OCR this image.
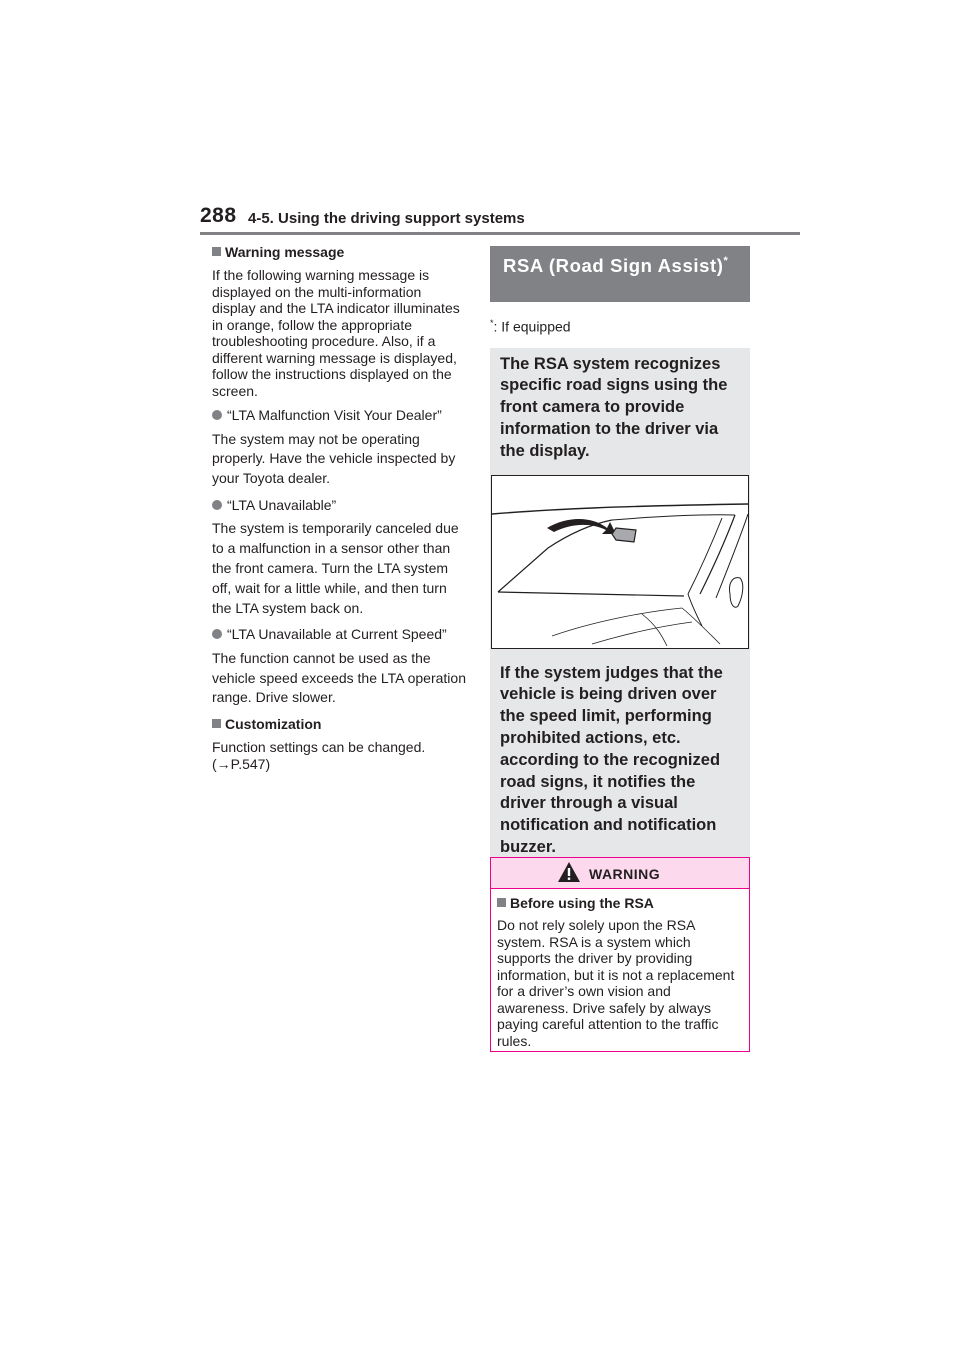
288 4-5. Using the driving support systems

Warning message

If the following warning message is displayed on the multi-information display and the LTA indicator illuminates in orange, follow the appropriate troubleshooting procedure. Also, if a different warning message is displayed, follow the instructions displayed on the screen.

“LTA Malfunction Visit Your Dealer”

The system may not be operating properly. Have the vehicle inspected by your Toyota dealer.

“LTA Unavailable”

The system is temporarily canceled due to a malfunction in a sensor other than the front camera. Turn the LTA system off, wait for a little while, and then turn the LTA system back on.

“LTA Unavailable at Current Speed”

The function cannot be used as the vehicle speed exceeds the LTA operation range. Drive slower.

Customization

Function settings can be changed.
(→P.547)

RSA (Road Sign Assist)*
*: If equipped

The RSA system recognizes specific road signs using the front camera to provide information to the driver via the display.

If the system judges that the vehicle is being driven over the speed limit, performing prohibited actions, etc. according to the recognized road signs, it notifies the driver through a visual notification and notification buzzer.

WARNING

Before using the RSA

Do not rely solely upon the RSA system. RSA is a system which supports the driver by providing information, but it is not a replacement for a driver’s own vision and awareness. Drive safely by always paying careful attention to the traffic rules.
